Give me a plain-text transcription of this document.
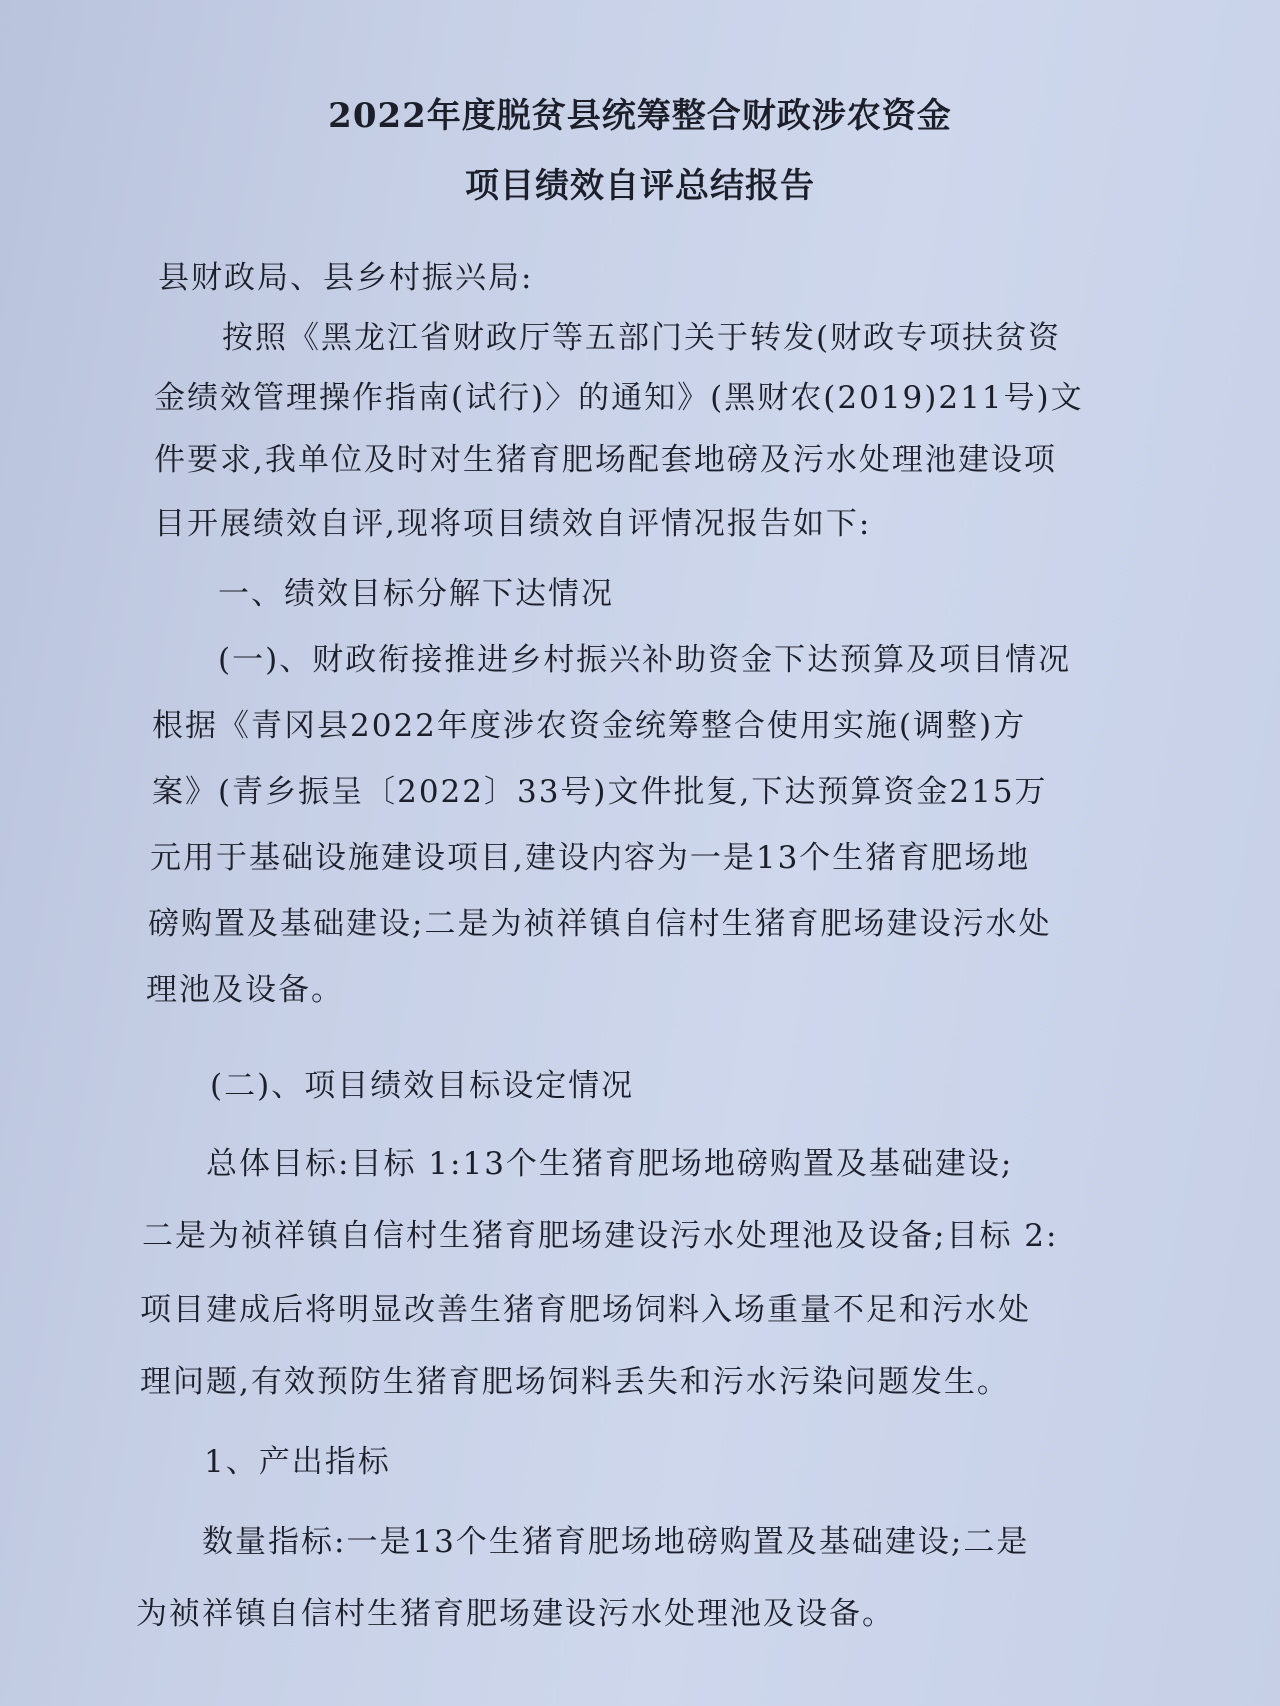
2022年度脱贫县统筹整合财政涉农资金
项目绩效自评总结报告
县财政局、县乡村振兴局:
按照《黑龙江省财政厅等五部门关于转发(财政专项扶贫资
金绩效管理操作指南(试行)〉的通知》(黑财农(2019)211号)文
件要求,我单位及时对生猪育肥场配套地磅及污水处理池建设项
目开展绩效自评,现将项目绩效自评情况报告如下:
一、绩效目标分解下达情况
(一)、财政衔接推进乡村振兴补助资金下达预算及项目情况
根据《青冈县2022年度涉农资金统筹整合使用实施(调整)方
案》(青乡振呈〔2022〕33号)文件批复,下达预算资金215万
元用于基础设施建设项目,建设内容为一是13个生猪育肥场地
磅购置及基础建设;二是为祯祥镇自信村生猪育肥场建设污水处
理池及设备。
(二)、项目绩效目标设定情况
总体目标:目标 1:13个生猪育肥场地磅购置及基础建设;
二是为祯祥镇自信村生猪育肥场建设污水处理池及设备;目标 2:
项目建成后将明显改善生猪育肥场饲料入场重量不足和污水处
理问题,有效预防生猪育肥场饲料丢失和污水污染问题发生。
1、产出指标
数量指标:一是13个生猪育肥场地磅购置及基础建设;二是
为祯祥镇自信村生猪育肥场建设污水处理池及设备。
